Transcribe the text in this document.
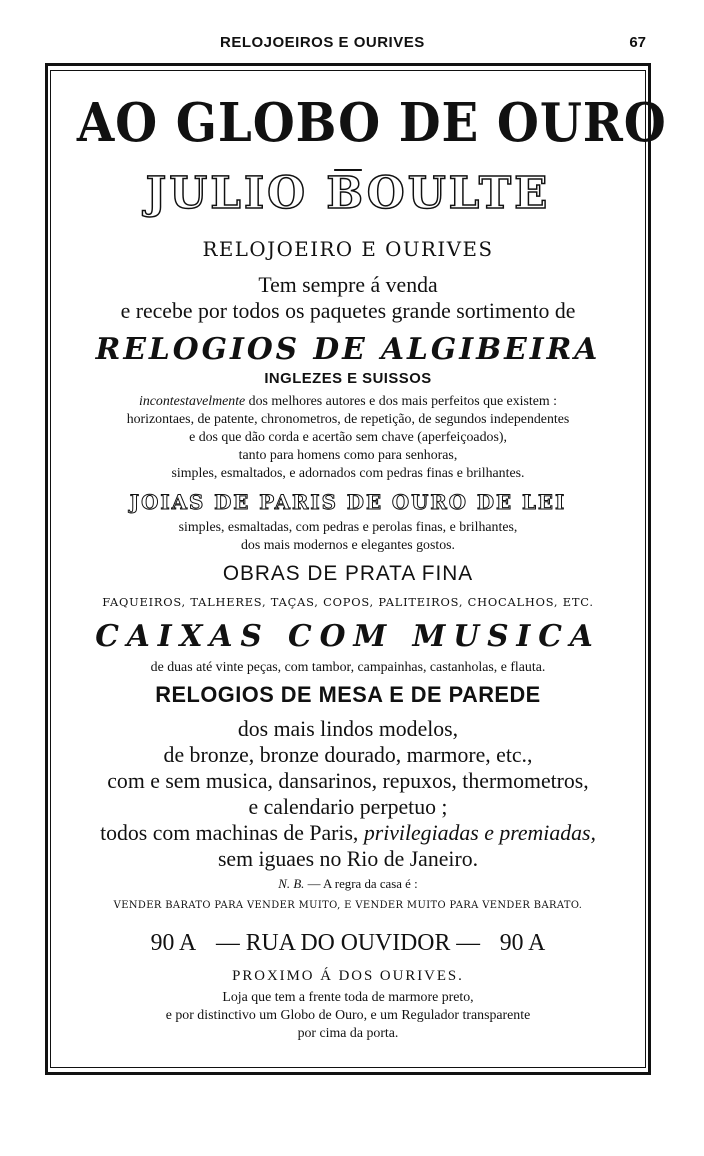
RELOJOEIROS E OURIVES	67
AO GLOBO DE OURO
JULIO BOULTE
RELOJOEIRO E OURIVES
Tem sempre á venda
e recebe por todos os paquetes grande sortimento de
RELOGIOS DE ALGIBEIRA
INGLEZES E SUISSOS
incontestavelmente dos melhores autores e dos mais perfeitos que existem :
horizontaes, de patente, chronometros, de repetição, de segundos independentes
e dos que dão corda e acertão sem chave (aperfeiçoados),
tanto para homens como para senhoras,
simples, esmaltados, e adornados com pedras finas e brilhantes.
JOIAS DE PARIS DE OURO DE LEI
simples, esmaltadas, com pedras e perolas finas, e brilhantes,
dos mais modernos e elegantes gostos.
OBRAS DE PRATA FINA
FAQUEIROS, TALHERES, TAÇAS, COPOS, PALITEIROS, CHOCALHOS, ETC.
CAIXAS COM MUSICA
de duas até vinte peças, com tambor, campainhas, castanholas, e flauta.
RELOGIOS DE MESA E DE PAREDE
dos mais lindos modelos,
de bronze, bronze dourado, marmore, etc.,
com e sem musica, dansarinos, repuxos, thermometros,
e calendario perpetuo ;
todos com machinas de Paris, privilegiadas e premiadas,
sem iguaes no Rio de Janeiro.
N. B. — A regra da casa é :
VENDER BARATO PARA VENDER MUITO, E VENDER MUITO PARA VENDER BARATO.
90 A — RUA DO OUVIDOR — 90 A
PROXIMO Á DOS OURIVES.
Loja que tem a frente toda de marmore preto,
e por distinctivo um Globo de Ouro, e um Regulador transparente
por cima da porta.
